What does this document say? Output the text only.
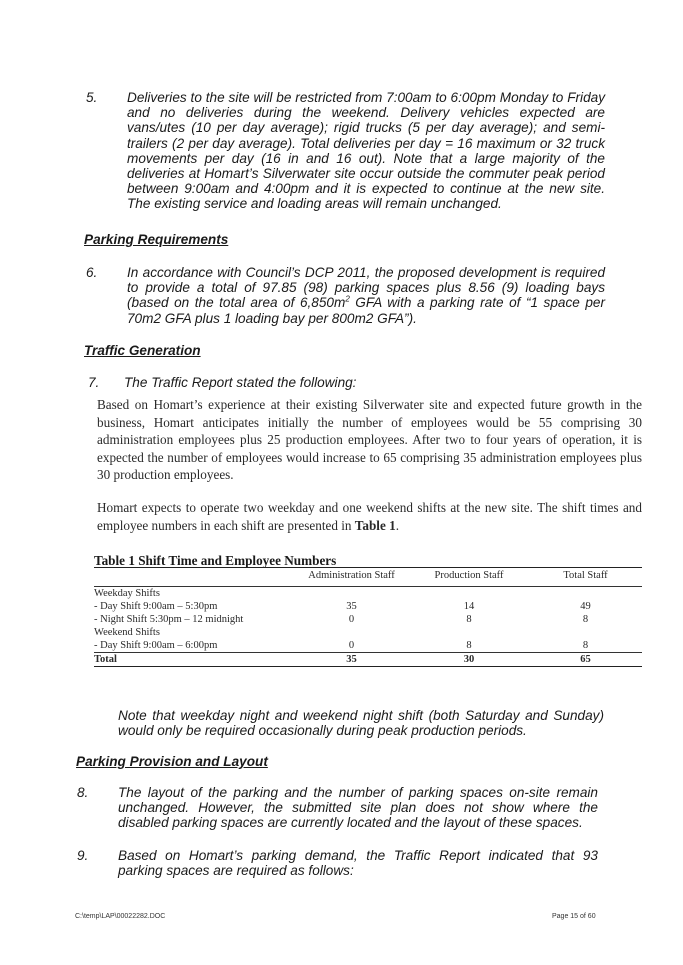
5. Deliveries to the site will be restricted from 7:00am to 6:00pm Monday to Friday and no deliveries during the weekend. Delivery vehicles expected are vans/utes (10 per day average); rigid trucks (5 per day average); and semi-trailers (2 per day average). Total deliveries per day = 16 maximum or 32 truck movements per day (16 in and 16 out). Note that a large majority of the deliveries at Homart’s Silverwater site occur outside the commuter peak period between 9:00am and 4:00pm and it is expected to continue at the new site. The existing service and loading areas will remain unchanged.
Parking Requirements
6. In accordance with Council’s DCP 2011, the proposed development is required to provide a total of 97.85 (98) parking spaces plus 8.56 (9) loading bays (based on the total area of $6,850m^2$ GFA with a parking rate of “1 space per 70m2 GFA plus 1 loading bay per 800m2 GFA”).
Traffic Generation
7. The Traffic Report stated the following:
Based on Homart’s experience at their existing Silverwater site and expected future growth in the business, Homart anticipates initially the number of employees would be 55 comprising 30 administration employees plus 25 production employees. After two to four years of operation, it is expected the number of employees would increase to 65 comprising 35 administration employees plus 30 production employees.
Homart expects to operate two weekday and one weekend shifts at the new site. The shift times and employee numbers in each shift are presented in Table 1.
Table 1 Shift Time and Employee Numbers
	Administration Staff	Production Staff	Total Staff
Weekday Shifts			
- Day Shift 9:00am – 5:30pm	35	14	49
- Night Shift 5:30pm – 12 midnight	0	8	8
Weekend Shifts			
- Day Shift 9:00am – 6:00pm	0	8	8
Total	35	30	65
Note that weekday night and weekend night shift (both Saturday and Sunday) would only be required occasionally during peak production periods.
Parking Provision and Layout
8. The layout of the parking and the number of parking spaces on-site remain unchanged. However, the submitted site plan does not show where the disabled parking spaces are currently located and the layout of these spaces.
9. Based on Homart’s parking demand, the Traffic Report indicated that 93 parking spaces are required as follows:
C:\temp\LAP\00022282.DOC	Page 15 of 60
